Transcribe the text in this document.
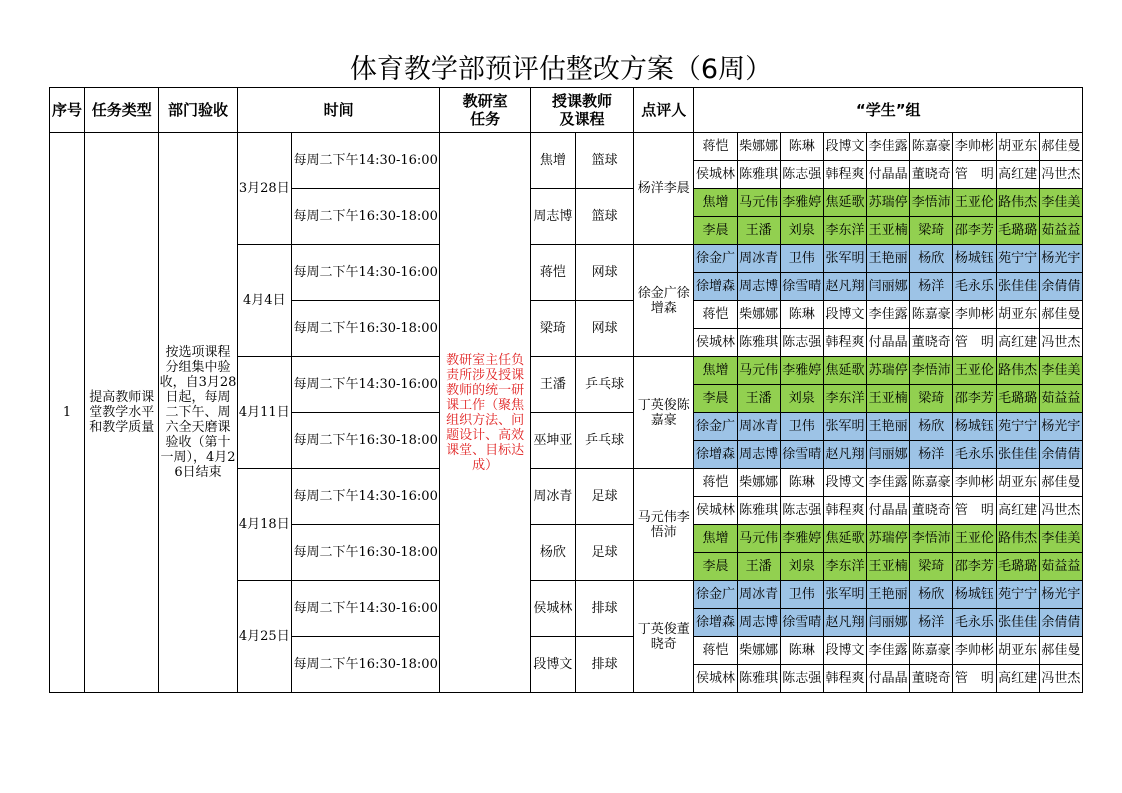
体育教学部预评估整改方案（6周）
序号	任务类型	部门验收	时间		教研室任务	授课教师及课程		点评人	“学生”组								
1	提高教师课堂教学水平和教学质量	按选项课程分组集中验收，自3月28日起，每周二下午、周六全天磨课验收（第十一周），4月26日结束	3月28日	每周二下午14:30-16:00	教研室主任负责所涉及授课教师的统一研课工作（聚焦组织方法、问题设计、高效课堂、目标达成）	焦增	篮球	杨洋李晨	蒋恺	柴娜娜	陈琳	段博文	李佳露	陈嘉豪	李帅彬	胡亚东	郝佳曼
									侯城林	陈雅琪	陈志强	韩程爽	付晶晶	董晓奇	管　明	高红建	冯世杰
				每周二下午16:30-18:00		周志博	篮球		焦增	马元伟	李雅婷	焦延歌	苏瑞停	李悟沛	王亚伦	路伟杰	李佳美
									李晨	王潘	刘泉	李东洋	王亚楠	梁琦	邵李芳	毛璐璐	茹益益
			4月4日	每周二下午14:30-16:00		蒋恺	网球	徐金广徐增森	徐金广	周冰青	卫伟	张军明	王艳丽	杨欣	杨城钰	苑宁宁	杨光宇
									徐增森	周志博	徐雪晴	赵凡翔	闫丽娜	杨洋	毛永乐	张佳佳	余倩倩
				每周二下午16:30-18:00		梁琦	网球		蒋恺	柴娜娜	陈琳	段博文	李佳露	陈嘉豪	李帅彬	胡亚东	郝佳曼
									侯城林	陈雅琪	陈志强	韩程爽	付晶晶	董晓奇	管　明	高红建	冯世杰
			4月11日	每周二下午14:30-16:00		王潘	乒乓球	丁英俊陈嘉豪	焦增	马元伟	李雅婷	焦延歌	苏瑞停	李悟沛	王亚伦	路伟杰	李佳美
									李晨	王潘	刘泉	李东洋	王亚楠	梁琦	邵李芳	毛璐璐	茹益益
				每周二下午16:30-18:00		巫坤亚	乒乓球		徐金广	周冰青	卫伟	张军明	王艳丽	杨欣	杨城钰	苑宁宁	杨光宇
									徐增森	周志博	徐雪晴	赵凡翔	闫丽娜	杨洋	毛永乐	张佳佳	余倩倩
			4月18日	每周二下午14:30-16:00		周冰青	足球	马元伟李悟沛	蒋恺	柴娜娜	陈琳	段博文	李佳露	陈嘉豪	李帅彬	胡亚东	郝佳曼
									侯城林	陈雅琪	陈志强	韩程爽	付晶晶	董晓奇	管　明	高红建	冯世杰
				每周二下午16:30-18:00		杨欣	足球		焦增	马元伟	李雅婷	焦延歌	苏瑞停	李悟沛	王亚伦	路伟杰	李佳美
									李晨	王潘	刘泉	李东洋	王亚楠	梁琦	邵李芳	毛璐璐	茹益益
			4月25日	每周二下午14:30-16:00		侯城林	排球	丁英俊董晓奇	徐金广	周冰青	卫伟	张军明	王艳丽	杨欣	杨城钰	苑宁宁	杨光宇
									徐增森	周志博	徐雪晴	赵凡翔	闫丽娜	杨洋	毛永乐	张佳佳	余倩倩
				每周二下午16:30-18:00		段博文	排球		蒋恺	柴娜娜	陈琳	段博文	李佳露	陈嘉豪	李帅彬	胡亚东	郝佳曼
									侯城林	陈雅琪	陈志强	韩程爽	付晶晶	董晓奇	管　明	高红建	冯世杰
